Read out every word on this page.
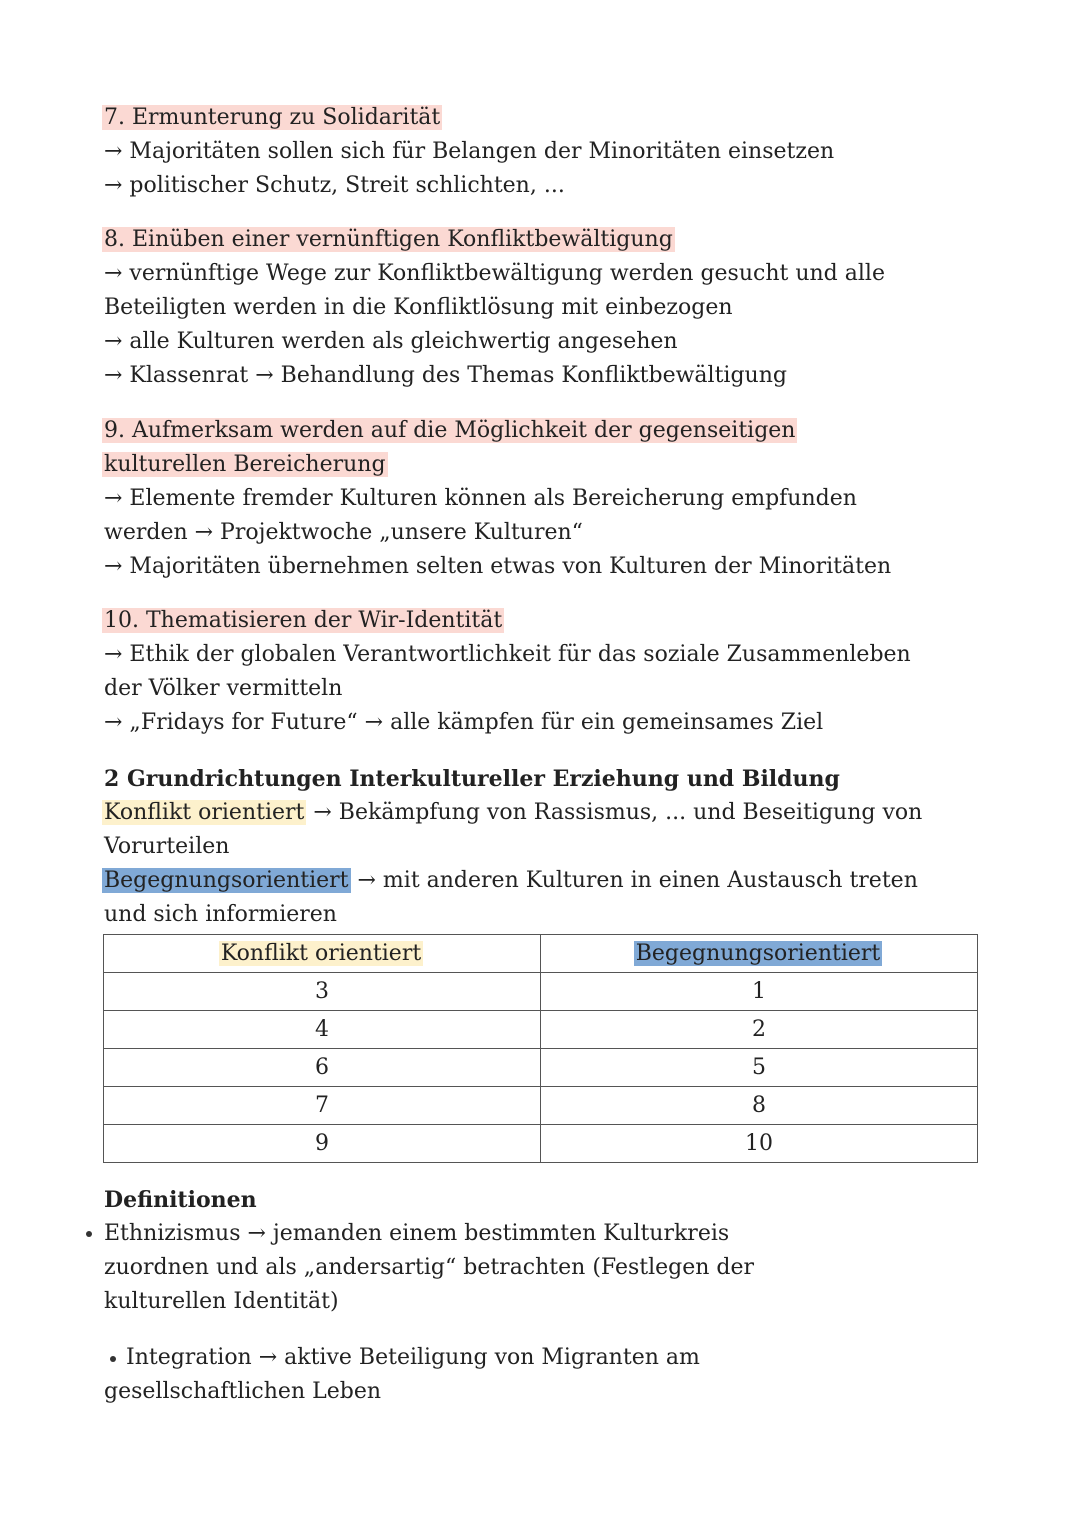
7. Ermunterung zu Solidarität
→ Majoritäten sollen sich für Belangen der Minoritäten einsetzen
→ politischer Schutz, Streit schlichten, ...
8. Einüben einer vernünftigen Konfliktbewältigung
→ vernünftige Wege zur Konfliktbewältigung werden gesucht und alle
Beteiligten werden in die Konfliktlösung mit einbezogen
→ alle Kulturen werden als gleichwertig angesehen
→ Klassenrat → Behandlung des Themas Konfliktbewältigung
9. Aufmerksam werden auf die Möglichkeit der gegenseitigen
kulturellen Bereicherung
→ Elemente fremder Kulturen können als Bereicherung empfunden
werden → Projektwoche „unsere Kulturen“
→ Majoritäten übernehmen selten etwas von Kulturen der Minoritäten
10. Thematisieren der Wir-Identität
→ Ethik der globalen Verantwortlichkeit für das soziale Zusammenleben
der Völker vermitteln
→ „Fridays for Future“ → alle kämpfen für ein gemeinsames Ziel
2 Grundrichtungen Interkultureller Erziehung und Bildung
Konflikt orientiert → Bekämpfung von Rassismus, ... und Beseitigung von
Vorurteilen
Begegnungsorientiert → mit anderen Kulturen in einen Austausch treten
und sich informieren
Konflikt orientiert	Begegnungsorientiert
3	1
4	2
6	5
7	8
9	10
Definitionen
Ethnizismus → jemanden einem bestimmten Kulturkreis
zuordnen und als „andersartig“ betrachten (Festlegen der
kulturellen Identität)
Integration → aktive Beteiligung von Migranten am
gesellschaftlichen Leben
